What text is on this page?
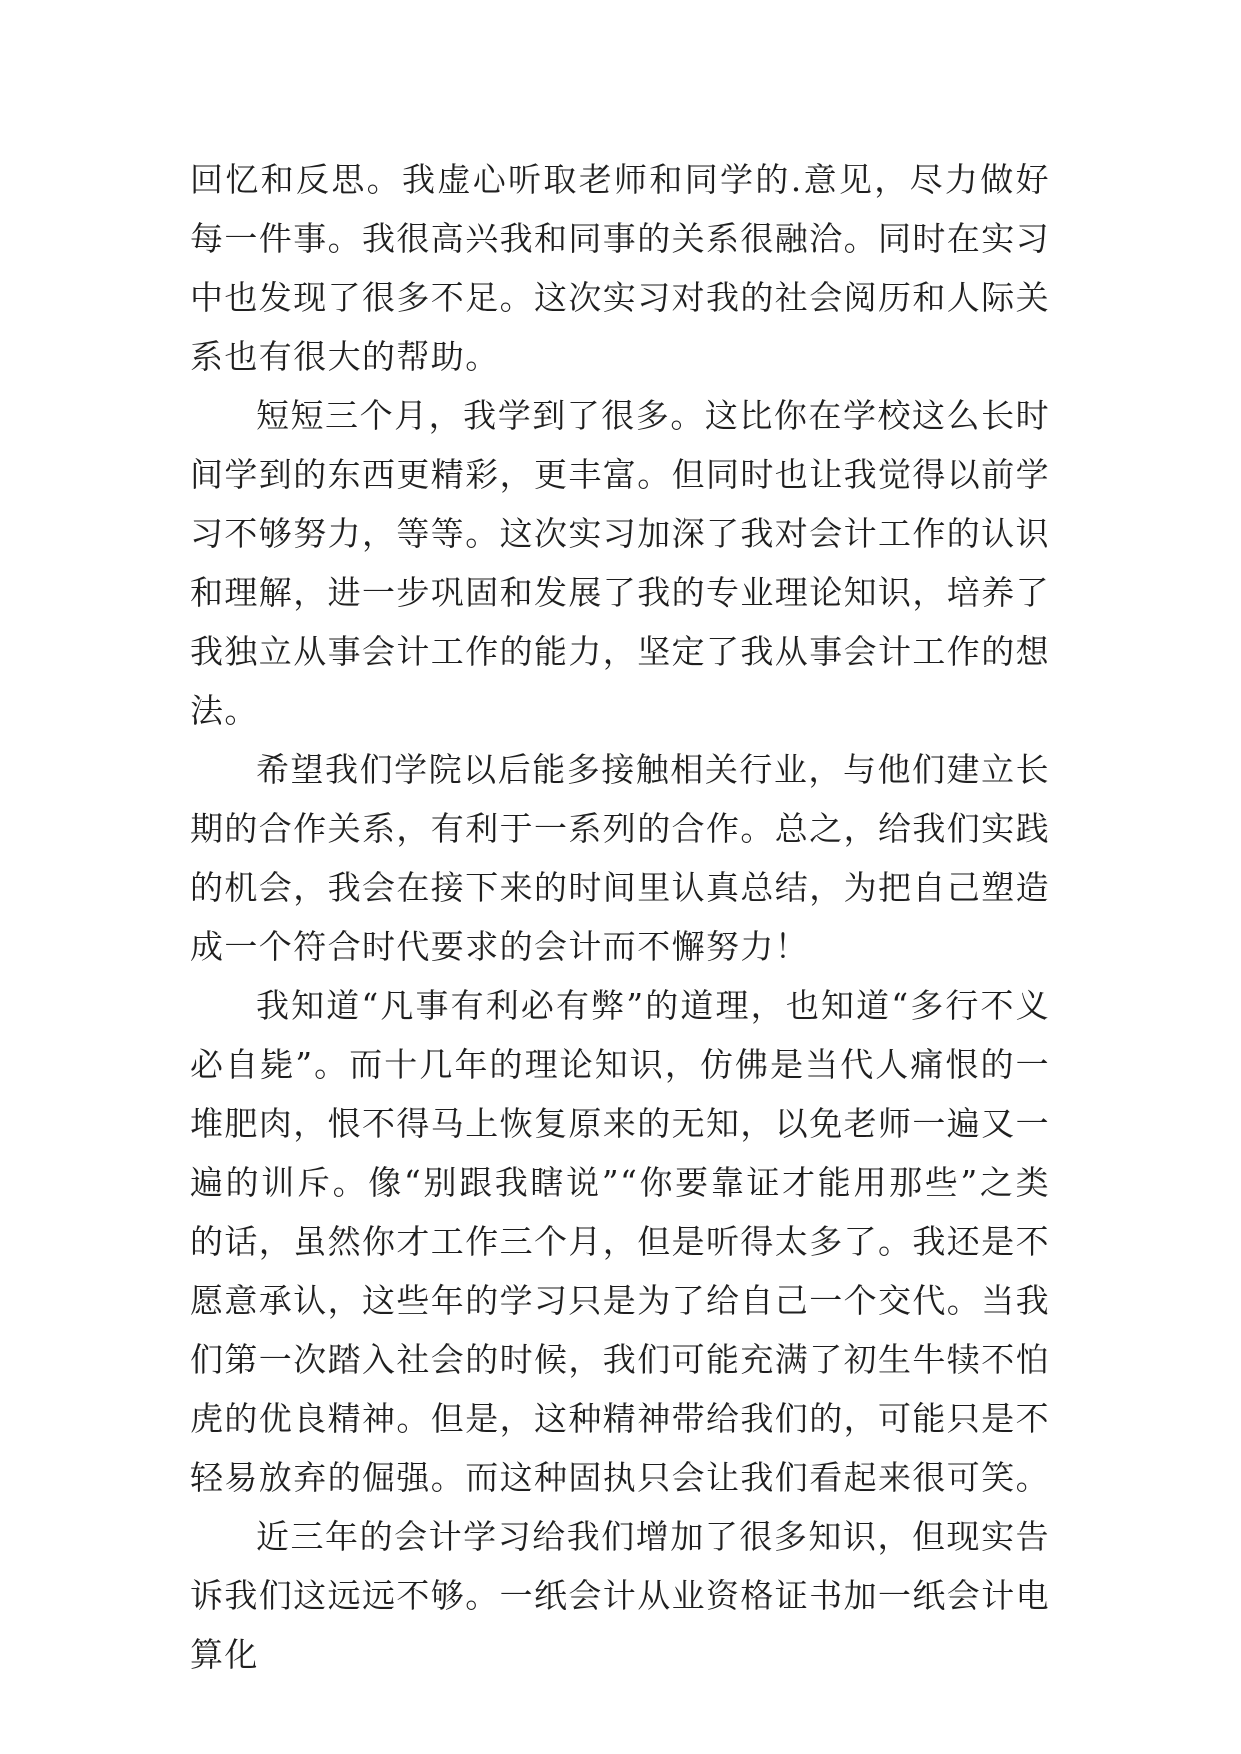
回忆和反思。我虚心听取老师和同学的.意见，尽力做好每一件事。我很高兴我和同事的关系很融洽。同时在实习中也发现了很多不足。这次实习对我的社会阅历和人际关系也有很大的帮助。

短短三个月，我学到了很多。这比你在学校这么长时间学到的东西更精彩，更丰富。但同时也让我觉得以前学习不够努力，等等。这次实习加深了我对会计工作的认识和理解，进一步巩固和发展了我的专业理论知识，培养了我独立从事会计工作的能力，坚定了我从事会计工作的想法。

希望我们学院以后能多接触相关行业，与他们建立长期的合作关系，有利于一系列的合作。总之，给我们实践的机会，我会在接下来的时间里认真总结，为把自己塑造成一个符合时代要求的会计而不懈努力！

我知道“凡事有利必有弊”的道理，也知道“多行不义必自毙”。而十几年的理论知识，仿佛是当代人痛恨的一堆肥肉，恨不得马上恢复原来的无知，以免老师一遍又一遍的训斥。像“别跟我瞎说”“你要靠证才能用那些”之类的话，虽然你才工作三个月，但是听得太多了。我还是不愿意承认，这些年的学习只是为了给自己一个交代。当我们第一次踏入社会的时候，我们可能充满了初生牛犊不怕虎的优良精神。但是，这种精神带给我们的，可能只是不轻易放弃的倔强。而这种固执只会让我们看起来很可笑。

近三年的会计学习给我们增加了很多知识，但现实告诉我们这远远不够。一纸会计从业资格证书加一纸会计电算化
